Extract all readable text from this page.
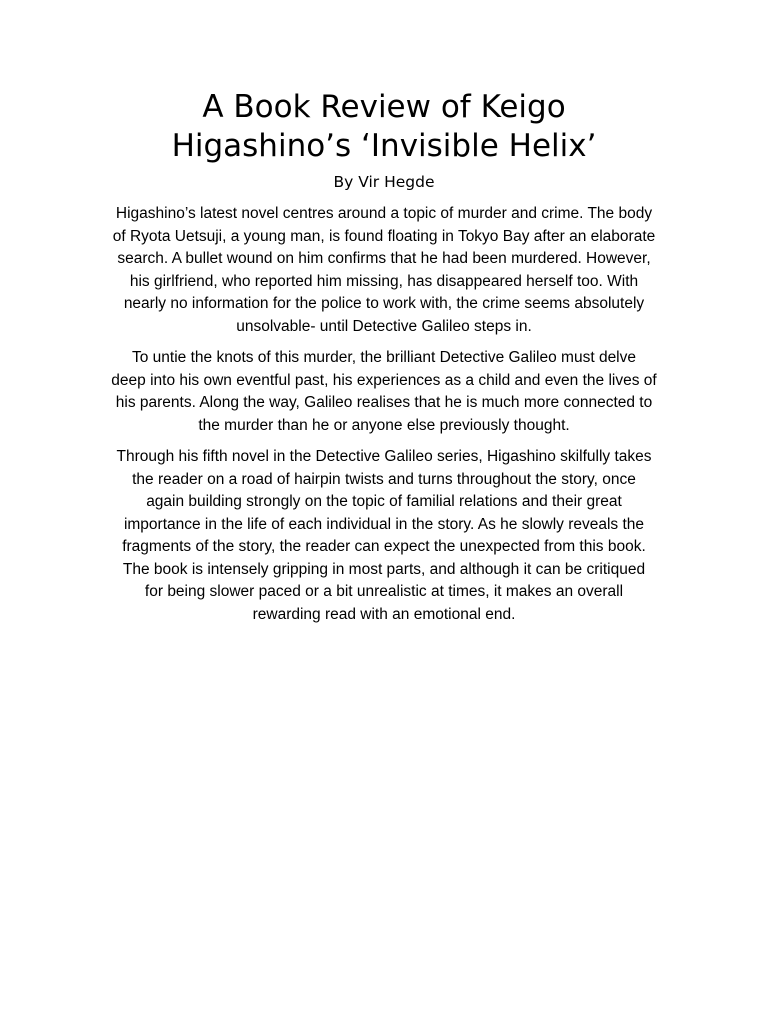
A Book Review of Keigo
Higashino’s ‘Invisible Helix’
By Vir Hegde

Higashino’s latest novel centres around a topic of murder and crime. The body
of Ryota Uetsuji, a young man, is found floating in Tokyo Bay after an elaborate
search. A bullet wound on him confirms that he had been murdered. However,
his girlfriend, who reported him missing, has disappeared herself too. With
nearly no information for the police to work with, the crime seems absolutely
unsolvable- until Detective Galileo steps in.

To untie the knots of this murder, the brilliant Detective Galileo must delve
deep into his own eventful past, his experiences as a child and even the lives of
his parents. Along the way, Galileo realises that he is much more connected to
the murder than he or anyone else previously thought.

Through his fifth novel in the Detective Galileo series, Higashino skilfully takes
the reader on a road of hairpin twists and turns throughout the story, once
again building strongly on the topic of familial relations and their great
importance in the life of each individual in the story. As he slowly reveals the
fragments of the story, the reader can expect the unexpected from this book.
The book is intensely gripping in most parts, and although it can be critiqued
for being slower paced or a bit unrealistic at times, it makes an overall
rewarding read with an emotional end.
